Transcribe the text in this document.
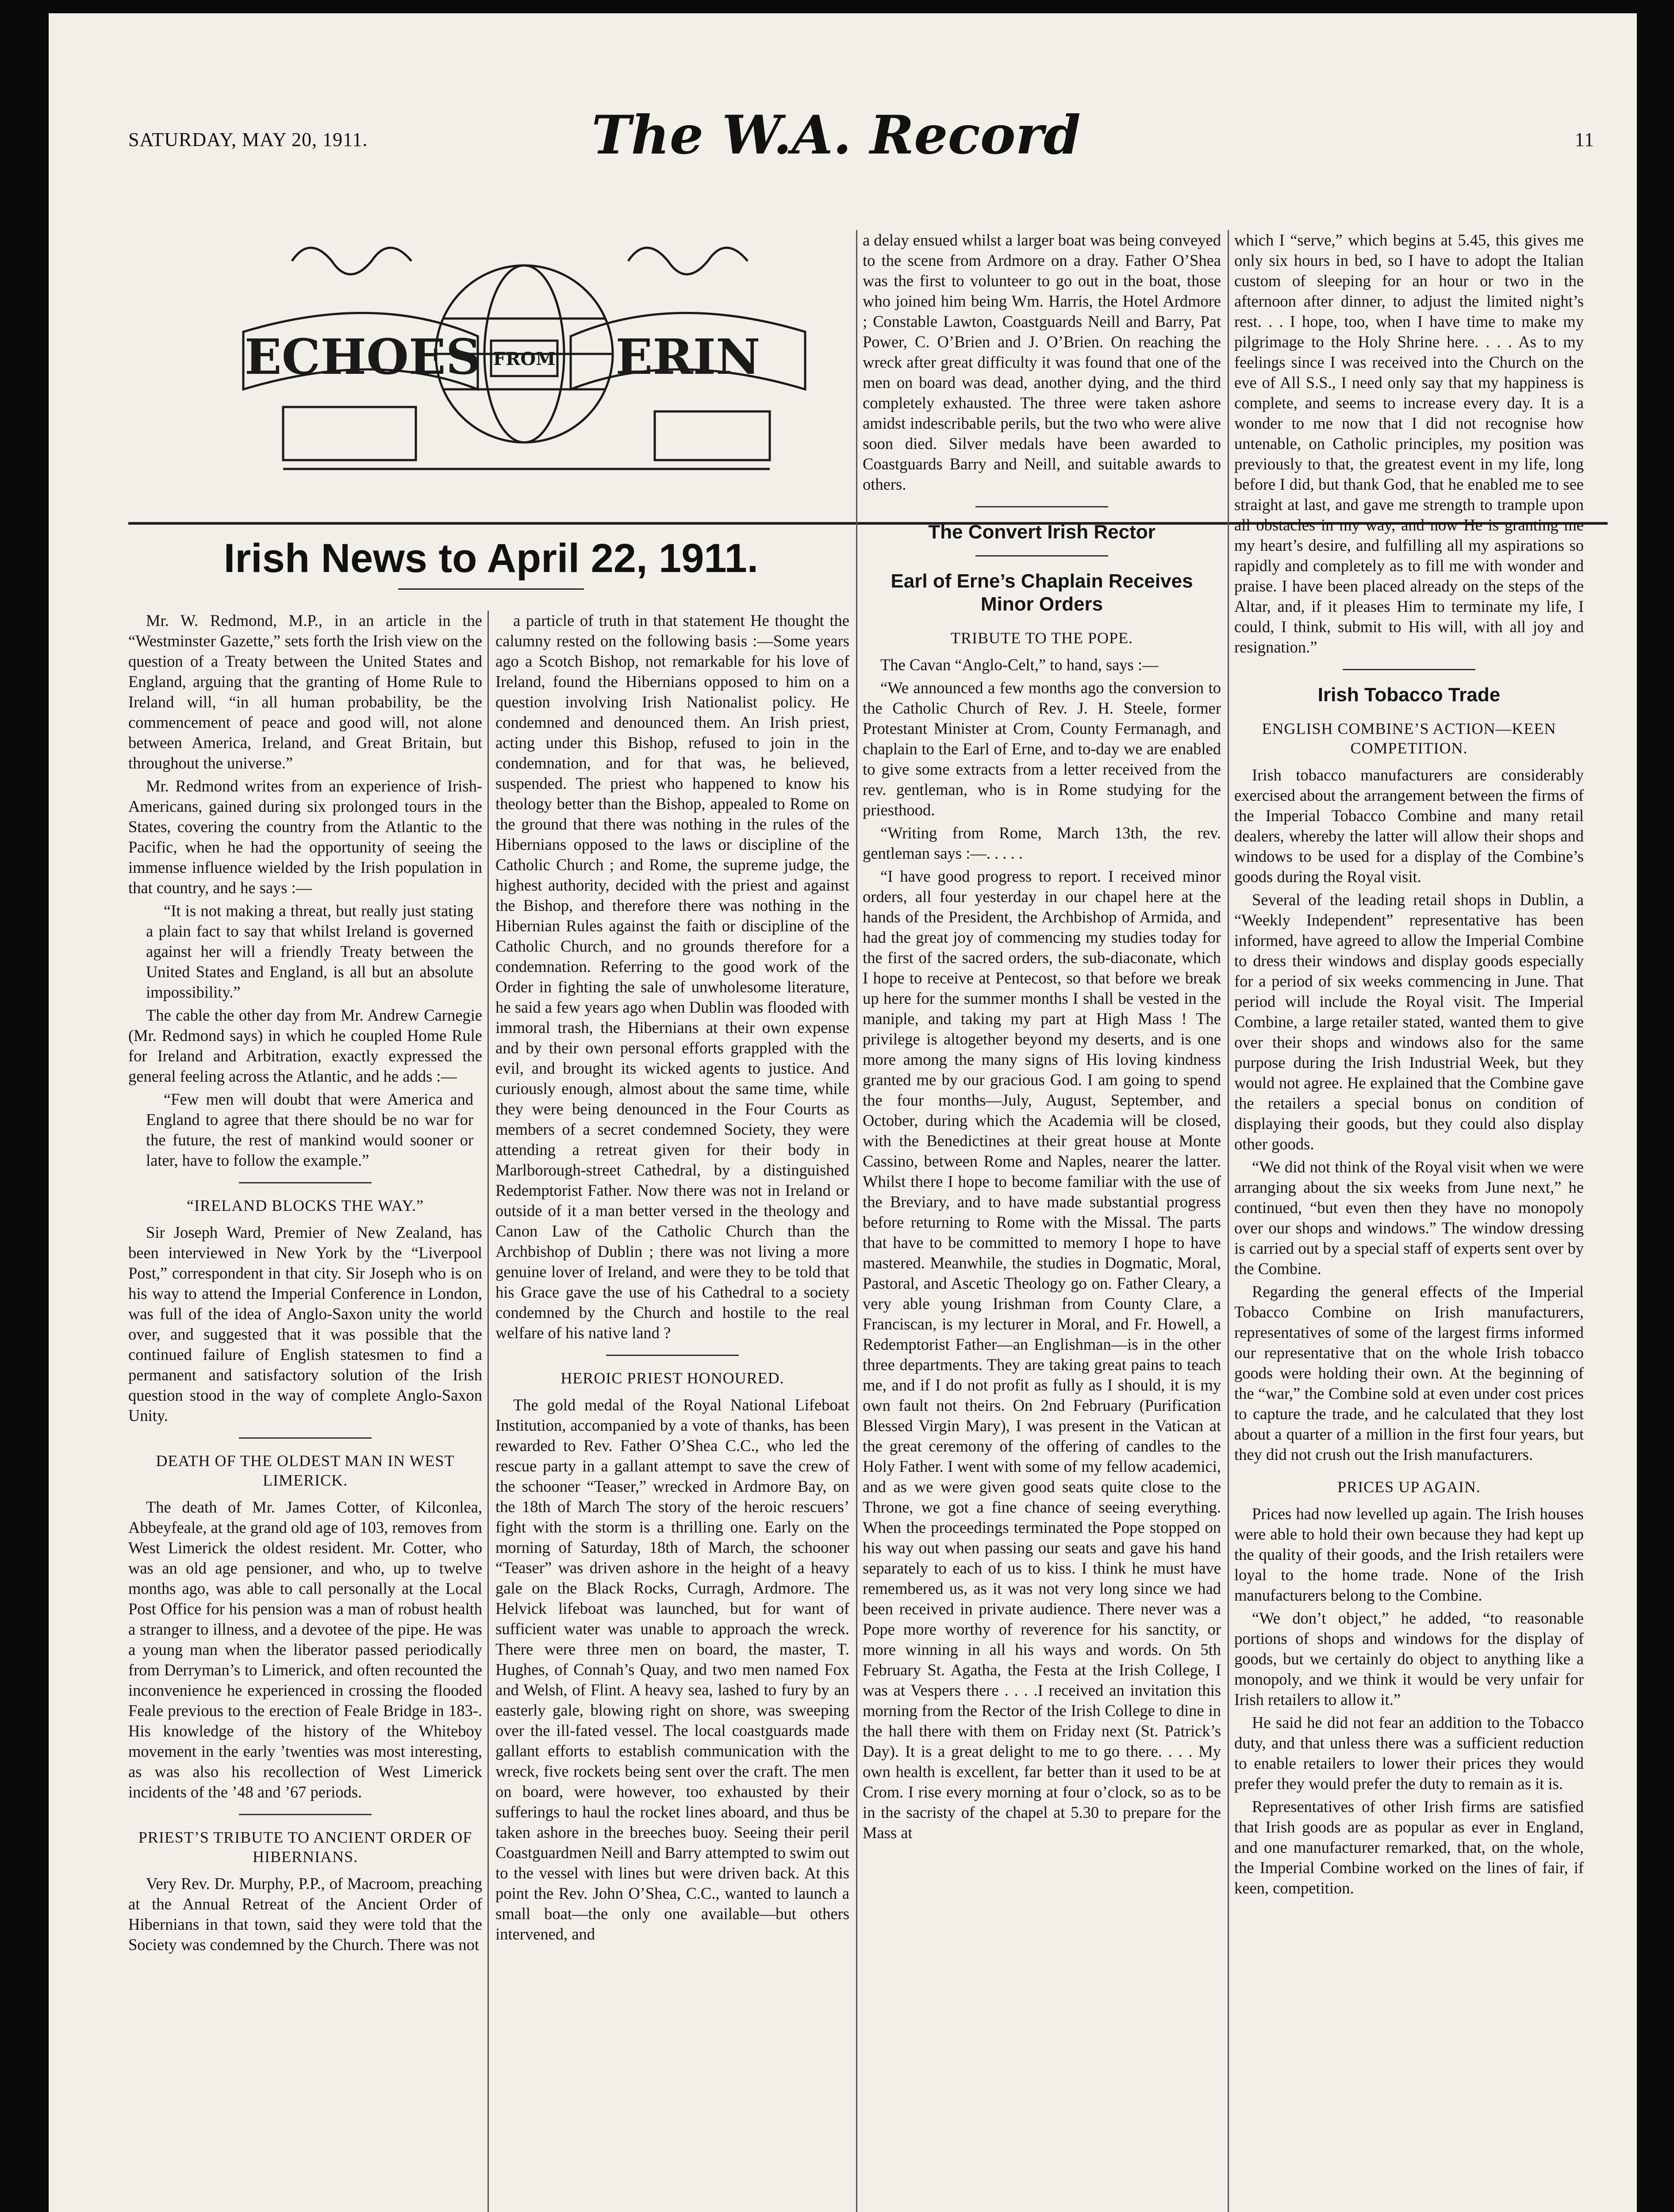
SATURDAY, MAY 20, 1911.	The W.A. Record	11
ECHOES FROM ERIN
Irish News to April 22, 1911.

Mr. W. Redmond, M.P., in an article in the “Westminster Gazette,” sets forth the Irish view on the question of a Treaty between the United States and England, arguing that the granting of Home Rule to Ireland will, “in all human probability, be the commencement of peace and good will, not alone between America, Ireland, and Great Britain, but throughout the universe.”

Mr. Redmond writes from an experience of Irish-Americans, gained during six prolonged tours in the States, covering the country from the Atlantic to the Pacific, when he had the opportunity of seeing the immense influence wielded by the Irish population in that country, and he says :—

“It is not making a threat, but really just stating a plain fact to say that whilst Ireland is governed against her will a friendly Treaty between the United States and England, is all but an absolute impossibility.”

The cable the other day from Mr. Andrew Carnegie (Mr. Redmond says) in which he coupled Home Rule for Ireland and Arbitration, exactly expressed the general feeling across the Atlantic, and he adds :—

“Few men will doubt that were America and England to agree that there should be no war for the future, the rest of mankind would sooner or later, have to follow the example.”

“IRELAND BLOCKS THE WAY.”

Sir Joseph Ward, Premier of New Zealand, has been interviewed in New York by the “Liverpool Post,” correspondent in that city. Sir Joseph who is on his way to attend the Imperial Conference in London, was full of the idea of Anglo-Saxon unity the world over, and suggested that it was possible that the continued failure of English statesmen to find a permanent and satisfactory solution of the Irish question stood in the way of complete Anglo-Saxon Unity.

DEATH OF THE OLDEST MAN IN WEST LIMERICK.

The death of Mr. James Cotter, of Kilconlea, Abbeyfeale, at the grand old age of 103, removes from West Limerick the oldest resident. Mr. Cotter, who was an old age pensioner, and who, up to twelve months ago, was able to call personally at the Local Post Office for his pension was a man of robust health a stranger to illness, and a devotee of the pipe. He was a young man when the liberator passed periodically from Derryman’s to Limerick, and often recounted the inconvenience he experienced in crossing the flooded Feale previous to the erection of Feale Bridge in 183-. His knowledge of the history of the Whiteboy movement in the early ’twenties was most interesting, as was also his recollection of West Limerick incidents of the ’48 and ’67 periods.

PRIEST’S TRIBUTE TO ANCIENT ORDER OF HIBERNIANS.

Very Rev. Dr. Murphy, P.P., of Macroom, preaching at the Annual Retreat of the Ancient Order of Hibernians in that town, said they were told that the Society was condemned by the Church. There was not

a particle of truth in that statement He thought the calumny rested on the following basis :—Some years ago a Scotch Bishop, not remarkable for his love of Ireland, found the Hibernians opposed to him on a question involving Irish Nationalist policy. He condemned and denounced them. An Irish priest, acting under this Bishop, refused to join in the condemnation, and for that was, he believed, suspended. The priest who happened to know his theology better than the Bishop, appealed to Rome on the ground that there was nothing in the rules of the Hibernians opposed to the laws or discipline of the Catholic Church ; and Rome, the supreme judge, the highest authority, decided with the priest and against the Bishop, and therefore there was nothing in the Hibernian Rules against the faith or discipline of the Catholic Church, and no grounds therefore for a condemnation. Referring to the good work of the Order in fighting the sale of unwholesome literature, he said a few years ago when Dublin was flooded with immoral trash, the Hibernians at their own expense and by their own personal efforts grappled with the evil, and brought its wicked agents to justice. And curiously enough, almost about the same time, while they were being denounced in the Four Courts as members of a secret condemned Society, they were attending a retreat given for their body in Marlborough-street Cathedral, by a distinguished Redemptorist Father. Now there was not in Ireland or outside of it a man better versed in the theology and Canon Law of the Catholic Church than the Archbishop of Dublin ; there was not living a more genuine lover of Ireland, and were they to be told that his Grace gave the use of his Cathedral to a society condemned by the Church and hostile to the real welfare of his native land ?

HEROIC PRIEST HONOURED.

The gold medal of the Royal National Lifeboat Institution, accompanied by a vote of thanks, has been rewarded to Rev. Father O’Shea C.C., who led the rescue party in a gallant attempt to save the crew of the schooner “Teaser,” wrecked in Ardmore Bay, on the 18th of March The story of the heroic rescuers’ fight with the storm is a thrilling one. Early on the morning of Saturday, 18th of March, the schooner “Teaser” was driven ashore in the height of a heavy gale on the Black Rocks, Curragh, Ardmore. The Helvick lifeboat was launched, but for want of sufficient water was unable to approach the wreck. There were three men on board, the master, T. Hughes, of Connah’s Quay, and two men named Fox and Welsh, of Flint. A heavy sea, lashed to fury by an easterly gale, blowing right on shore, was sweeping over the ill-fated vessel. The local coastguards made gallant efforts to establish communication with the wreck, five rockets being sent over the craft. The men on board, were however, too exhausted by their sufferings to haul the rocket lines aboard, and thus be taken ashore in the breeches buoy. Seeing their peril Coastguardmen Neill and Barry attempted to swim out to the vessel with lines but were driven back. At this point the Rev. John O’Shea, C.C., wanted to launch a small boat—the only one available—but others intervened, and

a delay ensued whilst a larger boat was being conveyed to the scene from Ardmore on a dray. Father O’Shea was the first to volunteer to go out in the boat, those who joined him being Wm. Harris, the Hotel Ardmore ; Constable Lawton, Coastguards Neill and Barry, Pat Power, C. O’Brien and J. O’Brien. On reaching the wreck after great difficulty it was found that one of the men on board was dead, another dying, and the third completely exhausted. The three were taken ashore amidst indescribable perils, but the two who were alive soon died. Silver medals have been awarded to Coastguards Barry and Neill, and suitable awards to others.

The Convert Irish Rector
Earl of Erne’s Chaplain Receives Minor Orders
TRIBUTE TO THE POPE.

The Cavan “Anglo-Celt,” to hand, says :—

“We announced a few months ago the conversion to the Catholic Church of Rev. J. H. Steele, former Protestant Minister at Crom, County Fermanagh, and chaplain to the Earl of Erne, and to-day we are enabled to give some extracts from a letter received from the rev. gentleman, who is in Rome studying for the priesthood.

“Writing from Rome, March 13th, the rev. gentleman says :—. . . . .

“I have good progress to report. I received minor orders, all four yesterday in our chapel here at the hands of the President, the Archbishop of Armida, and had the great joy of commencing my studies today for the first of the sacred orders, the sub-diaconate, which I hope to receive at Pentecost, so that before we break up here for the summer months I shall be vested in the maniple, and taking my part at High Mass ! The privilege is altogether beyond my deserts, and is one more among the many signs of His loving kindness granted me by our gracious God. I am going to spend the four months—July, August, September, and October, during which the Academia will be closed, with the Benedictines at their great house at Monte Cassino, between Rome and Naples, nearer the latter. Whilst there I hope to become familiar with the use of the Breviary, and to have made substantial progress before returning to Rome with the Missal. The parts that have to be committed to memory I hope to have mastered. Meanwhile, the studies in Dogmatic, Moral, Pastoral, and Ascetic Theology go on. Father Cleary, a very able young Irishman from County Clare, a Franciscan, is my lecturer in Moral, and Fr. Howell, a Redemptorist Father—an Englishman—is in the other three departments. They are taking great pains to teach me, and if I do not profit as fully as I should, it is my own fault not theirs. On 2nd February (Purification Blessed Virgin Mary), I was present in the Vatican at the great ceremony of the offering of candles to the Holy Father. I went with some of my fellow academici, and as we were given good seats quite close to the Throne, we got a fine chance of seeing everything. When the proceedings terminated the Pope stopped on his way out when passing our seats and gave his hand separately to each of us to kiss. I think he must have remembered us, as it was not very long since we had been received in private audience. There never was a Pope more worthy of reverence for his sanctity, or more winning in all his ways and words. On 5th February St. Agatha, the Festa at the Irish College, I was at Vespers there . . . .I received an invitation this morning from the Rector of the Irish College to dine in the hall there with them on Friday next (St. Patrick’s Day). It is a great delight to me to go there. . . . My own health is excellent, far better than it used to be at Crom. I rise every morning at four o’clock, so as to be in the sacristy of the chapel at 5.30 to prepare for the Mass at

which I “serve,” which begins at 5.45, this gives me only six hours in bed, so I have to adopt the Italian custom of sleeping for an hour or two in the afternoon after dinner, to adjust the limited night’s rest. . . I hope, too, when I have time to make my pilgrimage to the Holy Shrine here. . . . As to my feelings since I was received into the Church on the eve of All S.S., I need only say that my happiness is complete, and seems to increase every day. It is a wonder to me now that I did not recognise how untenable, on Catholic principles, my position was previously to that, the greatest event in my life, long before I did, but thank God, that he enabled me to see straight at last, and gave me strength to trample upon all obstacles in my way, and now He is granting me my heart’s desire, and fulfilling all my aspirations so rapidly and completely as to fill me with wonder and praise. I have been placed already on the steps of the Altar, and, if it pleases Him to terminate my life, I could, I think, submit to His will, with all joy and resignation.”

Irish Tobacco Trade
ENGLISH COMBINE’S ACTION—KEEN COMPETITION.

Irish tobacco manufacturers are considerably exercised about the arrangement between the firms of the Imperial Tobacco Combine and many retail dealers, whereby the latter will allow their shops and windows to be used for a display of the Combine’s goods during the Royal visit.

Several of the leading retail shops in Dublin, a “Weekly Independent” representative has been informed, have agreed to allow the Imperial Combine to dress their windows and display goods especially for a period of six weeks commencing in June. That period will include the Royal visit. The Imperial Combine, a large retailer stated, wanted them to give over their shops and windows also for the same purpose during the Irish Industrial Week, but they would not agree. He explained that the Combine gave the retailers a special bonus on condition of displaying their goods, but they could also display other goods.

“We did not think of the Royal visit when we were arranging about the six weeks from June next,” he continued, “but even then they have no monopoly over our shops and windows.” The window dressing is carried out by a special staff of experts sent over by the Combine.

Regarding the general effects of the Imperial Tobacco Combine on Irish manufacturers, representatives of some of the largest firms informed our representative that on the whole Irish tobacco goods were holding their own. At the beginning of the “war,” the Combine sold at even under cost prices to capture the trade, and he calculated that they lost about a quarter of a million in the first four years, but they did not crush out the Irish manufacturers.

PRICES UP AGAIN.

Prices had now levelled up again. The Irish houses were able to hold their own because they had kept up the quality of their goods, and the Irish retailers were loyal to the home trade. None of the Irish manufacturers belong to the Combine.

“We don’t object,” he added, “to reasonable portions of shops and windows for the display of goods, but we certainly do object to anything like a monopoly, and we think it would be very unfair for Irish retailers to allow it.”

He said he did not fear an addition to the Tobacco duty, and that unless there was a sufficient reduction to enable retailers to lower their prices they would prefer they would prefer the duty to remain as it is.

Representatives of other Irish firms are satisfied that Irish goods are as popular as ever in England, and one manufacturer remarked, that, on the whole, the Imperial Combine worked on the lines of fair, if keen, competition.
